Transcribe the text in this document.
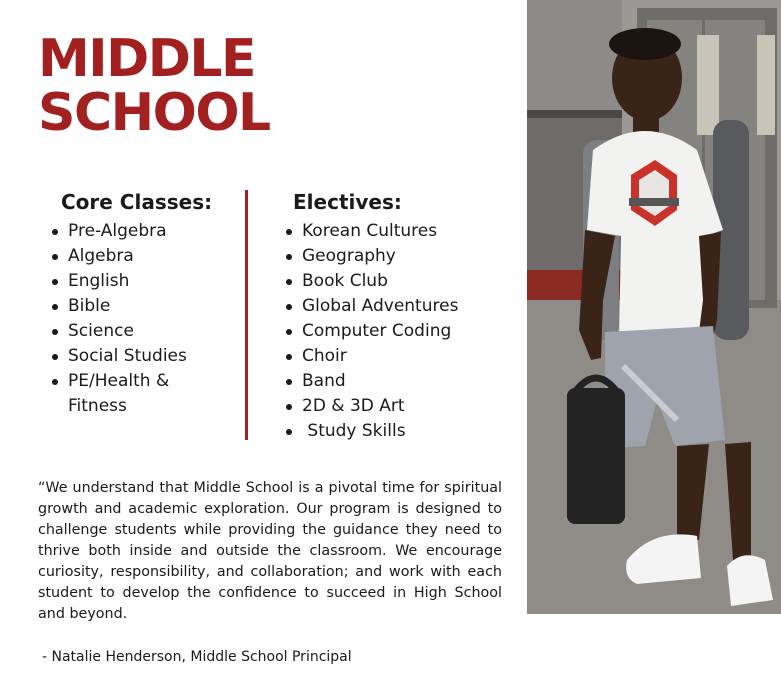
MIDDLE
SCHOOL
Core Classes:
Pre-Algebra
Algebra
English
Bible
Science
Social Studies
PE/Health &
Fitness
Electives:
Korean Cultures
Geography
Book Club
Global Adventures
Computer Coding
Choir
Band
2D & 3D Art
Study Skills

“We understand that Middle School is a pivotal time for spiritual growth and academic exploration. Our program is designed to challenge students while providing the guidance they need to thrive both inside and outside the classroom. We encourage curiosity, responsibility, and collaboration; and work with each student to develop the confidence to succeed in High School and beyond.

- Natalie Henderson, Middle School Principal
